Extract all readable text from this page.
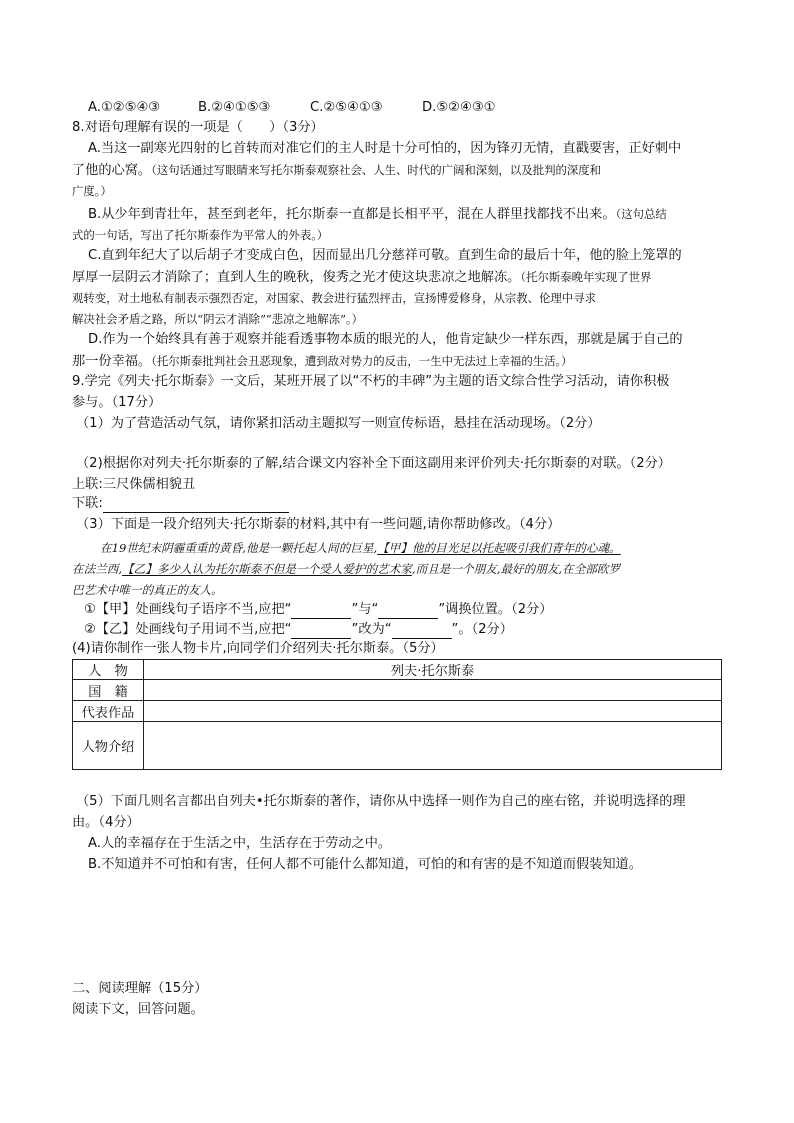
A.①②⑤④③	B.②④①⑤③	C.②⑤④①③	D.⑤②④③①
8.对语句理解有误的一项是（　　）（3分）
A.当这一副寒光四射的匕首转而对准它们的主人时是十分可怕的，因为锋刃无情，直戳要害，正好刺中
了他的心窝。（这句话通过写眼睛来写托尔斯泰观察社会、人生、时代的广阔和深刻，以及批判的深度和
广度。）
B.从少年到青壮年，甚至到老年，托尔斯泰一直都是长相平平，混在人群里找都找不出来。（这句总结
式的一句话，写出了托尔斯泰作为平常人的外表。）
C.直到年纪大了以后胡子才变成白色，因而显出几分慈祥可敬。直到生命的最后十年，他的脸上笼罩的
厚厚一层阴云才消除了；直到人生的晚秋，俊秀之光才使这块悲凉之地解冻。（托尔斯泰晚年实现了世界
观转变，对土地私有制表示强烈否定，对国家、教会进行猛烈抨击，宣扬博爱修身，从宗教、伦理中寻求
解决社会矛盾之路，所以“阴云才消除”“悲凉之地解冻”。）
D.作为一个始终具有善于观察并能看透事物本质的眼光的人，他肯定缺少一样东西，那就是属于自己的
那一份幸福。（托尔斯泰批判社会丑恶现象，遭到敌对势力的反击，一生中无法过上幸福的生活。）
9.学完《列夫·托尔斯泰》一文后，某班开展了以“不朽的丰碑”为主题的语文综合性学习活动，请你积极
参与。（17分）
（1）为了营造活动气氛，请你紧扣活动主题拟写一则宣传标语，悬挂在活动现场。（2分）
（2)根据你对列夫·托尔斯泰的了解,结合课文内容补全下面这副用来评价列夫·托尔斯泰的对联。（2分）
上联:三尺侏儒相貌丑
下联:
（3）下面是一段介绍列夫·托尔斯泰的材料,其中有一些问题,请你帮助修改。（4分）
在19世纪末阴霾重重的黄昏,他是一颗托起人间的巨星,【甲】他的目光足以托起吸引我们青年的心魂。
在法兰西,【乙】多少人认为托尔斯泰不但是一个受人爱护的艺术家,而且是一个朋友,最好的朋友,在全部欧罗
巴艺术中唯一的真正的友人。
①【甲】处画线句子语序不当,应把“	”与“	”调换位置。（2分）
②【乙】处画线句子用词不当,应把“	”改为“	”。（2分）
(4)请你制作一张人物卡片,向同学们介绍列夫·托尔斯泰。（5分）
人　物	列夫·托尔斯泰
国　籍	
代表作品	
人物介绍	
（5）下面几则名言都出自列夫•托尔斯泰的著作，请你从中选择一则作为自己的座右铭，并说明选择的理
由。（4分）
A.人的幸福存在于生活之中，生活存在于劳动之中。
B.不知道并不可怕和有害，任何人都不可能什么都知道，可怕的和有害的是不知道而假装知道。
二、阅读理解（15分）
阅读下文，回答问题。
